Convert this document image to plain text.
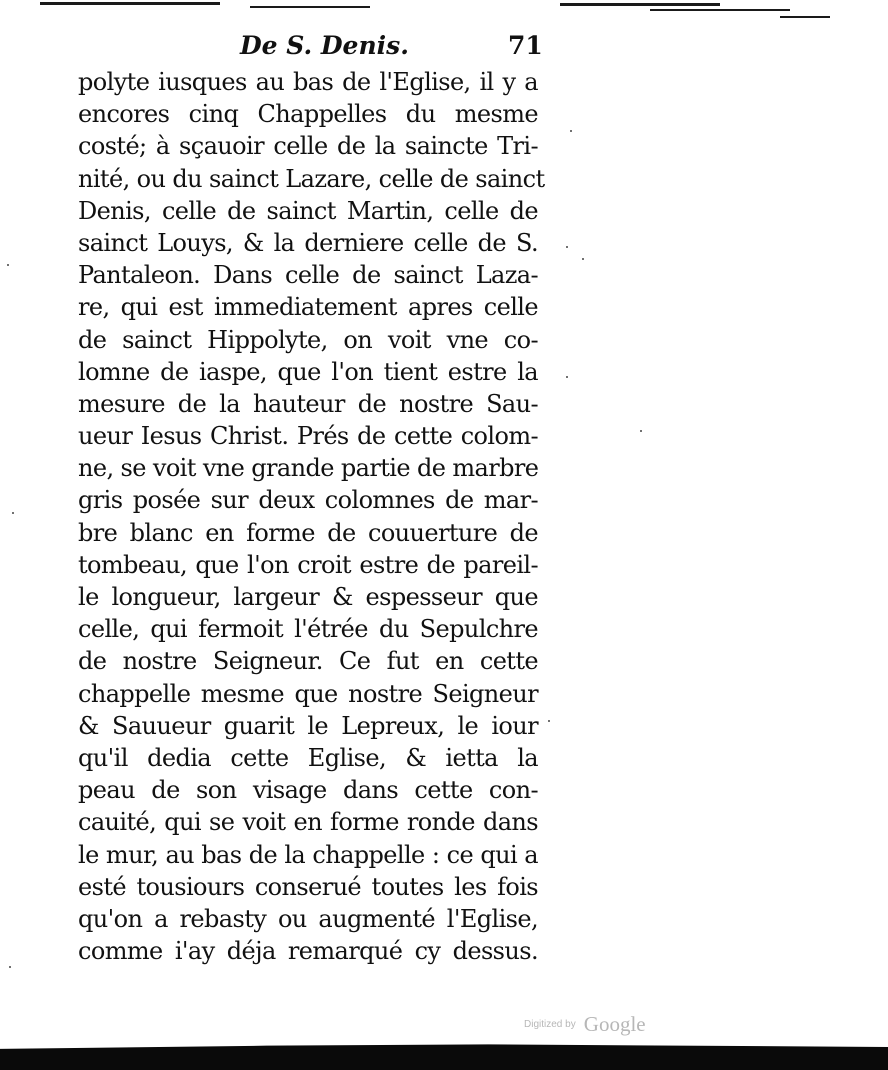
De S. Denis.	71
polyte iusques au bas de l'Eglise, il y a
encores cinq Chappelles du mesme
costé; à sçauoir celle de la saincte Tri-
nité, ou du sainct Lazare, celle de sainct
Denis, celle de sainct Martin, celle de
sainct Louys, & la derniere celle de S.
Pantaleon. Dans celle de sainct Laza-
re, qui est immediatement apres celle
de sainct Hippolyte, on voit vne co-
lomne de iaspe, que l'on tient estre la
mesure de la hauteur de nostre Sau-
ueur Iesus Christ. Prés de cette colom-
ne, se voit vne grande partie de marbre
gris posée sur deux colomnes de mar-
bre blanc en forme de couuerture de
tombeau, que l'on croit estre de pareil-
le longueur, largeur & espesseur que
celle, qui fermoit l'étrée du Sepulchre
de nostre Seigneur. Ce fut en cette
chappelle mesme que nostre Seigneur
& Sauueur guarit le Lepreux, le iour
qu'il dedia cette Eglise, & ietta la
peau de son visage dans cette con-
cauité, qui se voit en forme ronde dans
le mur, au bas de la chappelle : ce qui a
esté tousiours conserué toutes les fois
qu'on a rebasty ou augmenté l'Eglise,
comme i'ay déja remarqué cy dessus.
Digitized by Google
